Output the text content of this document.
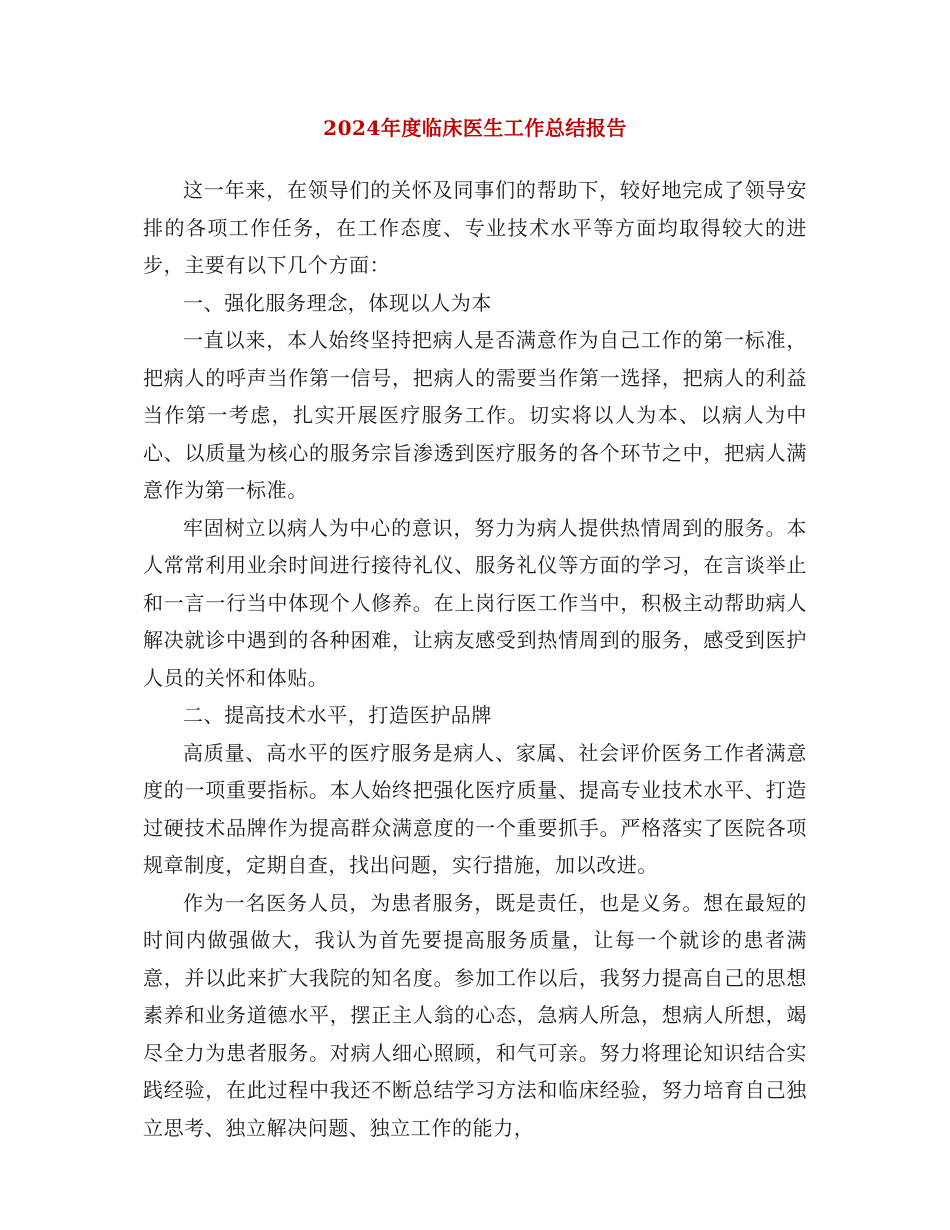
2024年度临床医生工作总结报告

这一年来，在领导们的关怀及同事们的帮助下，较好地完成了领导安排的各项工作任务，在工作态度、专业技术水平等方面均取得较大的进步，主要有以下几个方面：

一、强化服务理念，体现以人为本

一直以来，本人始终坚持把病人是否满意作为自己工作的第一标准，把病人的呼声当作第一信号，把病人的需要当作第一选择，把病人的利益当作第一考虑，扎实开展医疗服务工作。切实将以人为本、以病人为中心、以质量为核心的服务宗旨渗透到医疗服务的各个环节之中，把病人满意作为第一标准。

牢固树立以病人为中心的意识，努力为病人提供热情周到的服务。本人常常利用业余时间进行接待礼仪、服务礼仪等方面的学习，在言谈举止和一言一行当中体现个人修养。在上岗行医工作当中，积极主动帮助病人解决就诊中遇到的各种困难，让病友感受到热情周到的服务，感受到医护人员的关怀和体贴。

二、提高技术水平，打造医护品牌

高质量、高水平的医疗服务是病人、家属、社会评价医务工作者满意度的一项重要指标。本人始终把强化医疗质量、提高专业技术水平、打造过硬技术品牌作为提高群众满意度的一个重要抓手。严格落实了医院各项规章制度，定期自查，找出问题，实行措施，加以改进。

作为一名医务人员，为患者服务，既是责任，也是义务。想在最短的时间内做强做大，我认为首先要提高服务质量，让每一个就诊的患者满意，并以此来扩大我院的知名度。参加工作以后，我努力提高自己的思想素养和业务道德水平，摆正主人翁的心态，急病人所急，想病人所想，竭尽全力为患者服务。对病人细心照顾，和气可亲。努力将理论知识结合实践经验，在此过程中我还不断总结学习方法和临床经验，努力培育自己独立思考、独立解决问题、独立工作的能力，
